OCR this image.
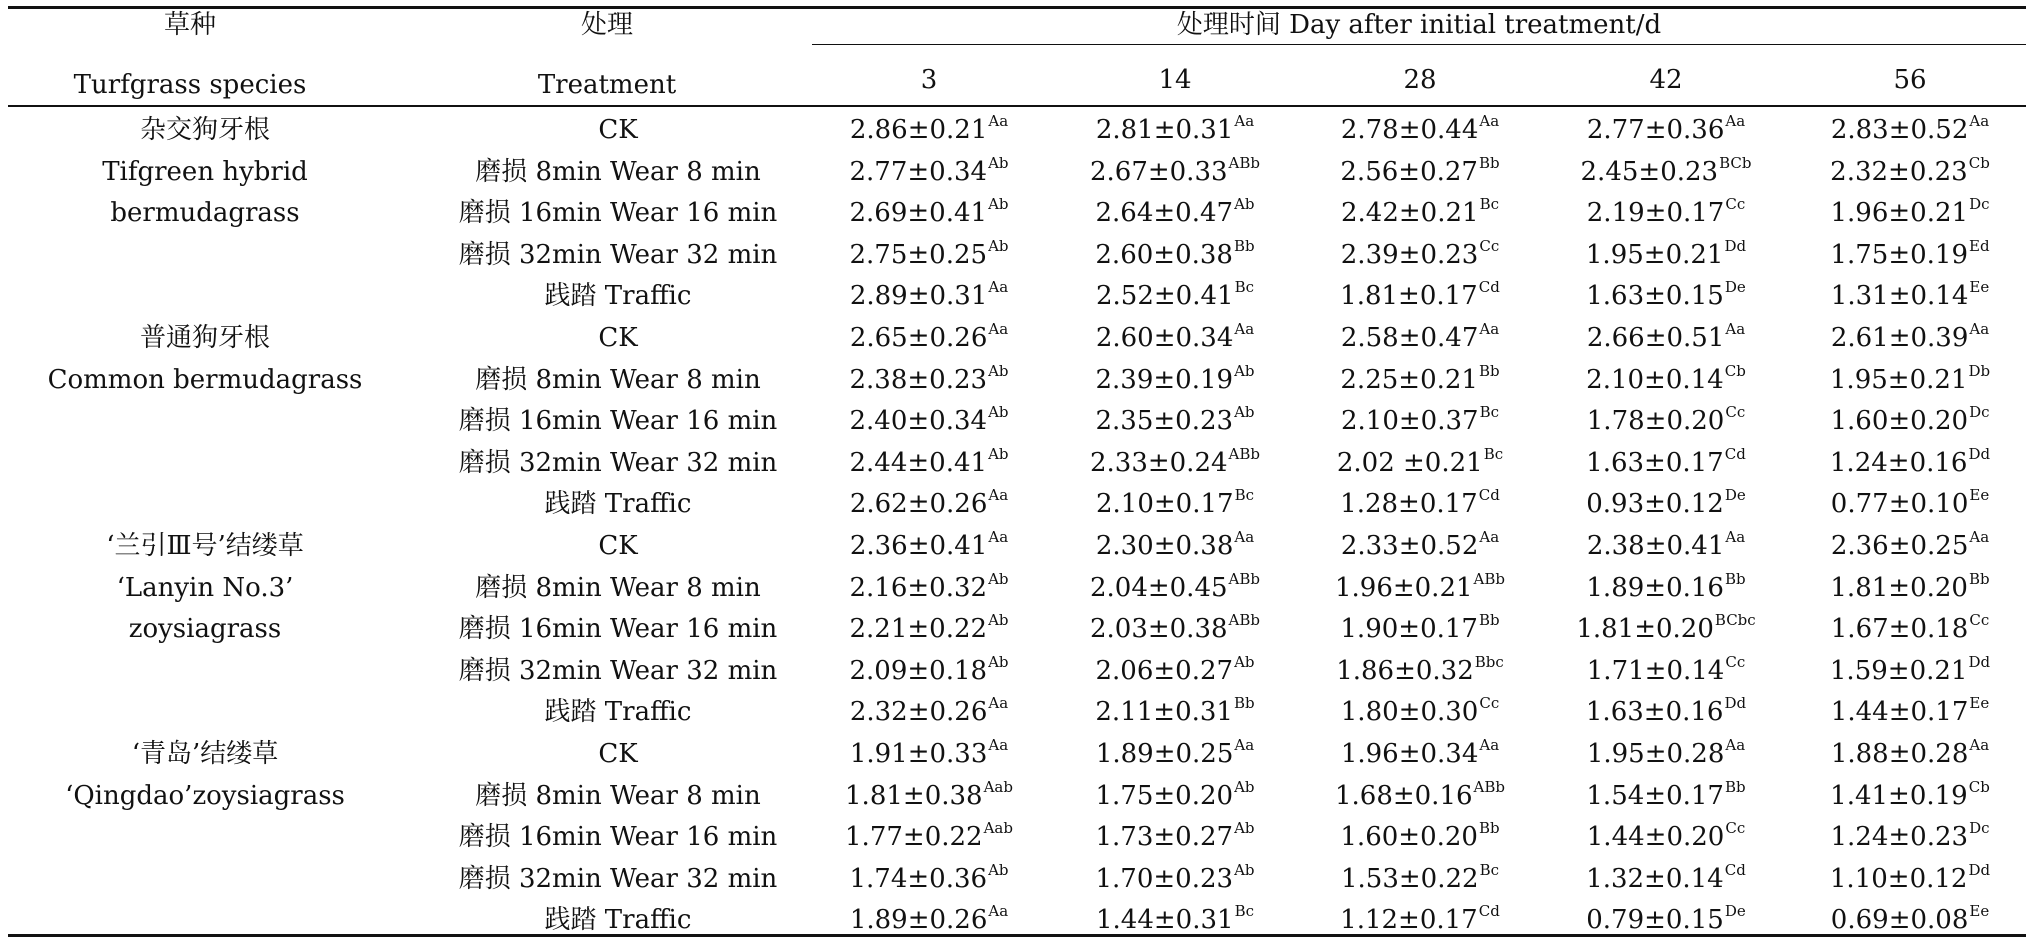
草种
Turfgrass species
处理
Treatment
处理时间 Day after initial treatment/d
3	14	28	42	56
杂交狗牙根
Tifgreen hybrid
bermudagrass
CK	$2.86\pm 0.21^{Aa}$	$2.81\pm 0.31^{Aa}$	$2.78\pm 0.44^{Aa}$	$2.77\pm 0.36^{Aa}$	$2.83\pm 0.52^{Aa}$
磨损 8min Wear 8 min	$2.77\pm 0.34^{Ab}$	$2.67\pm 0.33^{ABb}$	$2.56\pm 0.27^{Bb}$	$2.45\pm 0.23^{BCb}$	$2.32\pm 0.23^{Cb}$
磨损 16min Wear 16 min	$2.69\pm 0.41^{Ab}$	$2.64\pm 0.47^{Ab}$	$2.42\pm 0.21^{Bc}$	$2.19\pm 0.17^{Cc}$	$1.96\pm 0.21^{Dc}$
磨损 32min Wear 32 min	$2.75\pm 0.25^{Ab}$	$2.60\pm 0.38^{Bb}$	$2.39\pm 0.23^{Cc}$	$1.95\pm 0.21^{Dd}$	$1.75\pm 0.19^{Ed}$
践踏 Traffic	$2.89\pm 0.31^{Aa}$	$2.52\pm 0.41^{Bc}$	$1.81\pm 0.17^{Cd}$	1.63±0.15De	$1.31\pm 0.14^{Ee}$
普通狗牙根
Common bermudagrass
CK	$2.65\pm 0.26^{Aa}$	$2.60\pm 0.34^{Aa}$	$2.58\pm 0.47^{Aa}$	$2.66\pm 0.51^{Aa}$	$2.61\pm 0.39^{Aa}$
磨损 8min Wear 8 min	$2.38\pm 0.23^{Ab}$	$2.39\pm 0.19^{Ab}$	$2.25\pm 0.21^{Bb}$	$2.10\pm 0.14^{Cb}$	$1.95\pm 0.21^{Db}$
磨损 16min Wear 16 min	$2.40\pm 0.34^{Ab}$	$2.35\pm 0.23^{Ab}$	$2.10\pm 0.37^{Bc}$	$1.78\pm 0.20^{Cc}$	$1.60\pm 0.20^{Dc}$
磨损 32min Wear 32 min	$2.44\pm 0.41^{Ab}$	$2.33\pm 0.24^{ABb}$	$2.02 \pm 0.21^{Bc}$	$1.63\pm 0.17^{Cd}$	$1.24\pm 0.16^{Dd}$
践踏 Traffic	$2.62\pm 0.26^{Aa}$	$2.10\pm 0.17^{Bc}$	$1.28\pm 0.17^{Cd}$	0.93±0.12De	$0.77\pm 0.10^{Ee}$
‘兰引Ⅲ号’结缕草
‘Lanyin No.3’
zoysiagrass
CK	$2.36\pm 0.41^{Aa}$	$2.30\pm 0.38^{Aa}$	$2.33\pm 0.52^{Aa}$	$2.38\pm 0.41^{Aa}$	$2.36\pm 0.25^{Aa}$
磨损 8min Wear 8 min	$2.16\pm 0.32^{Ab}$	$2.04\pm 0.45^{ABb}$	$1.96\pm 0.21^{ABb}$	$1.89\pm 0.16^{Bb}$	$1.81\pm 0.20^{Bb}$
磨损 16min Wear 16 min	$2.21\pm 0.22^{Ab}$	$2.03\pm 0.38^{ABb}$	$1.90\pm 0.17^{Bb}$	$1.81\pm 0.20^{BCbc}$	$1.67\pm 0.18^{Cc}$
磨损 32min Wear 32 min	$2.09\pm 0.18^{Ab}$	$2.06\pm 0.27^{Ab}$	$1.86\pm 0.32^{Bbc}$	$1.71\pm 0.14^{Cc}$	$1.59\pm 0.21^{Dd}$
践踏 Traffic	$2.32\pm 0.26^{Aa}$	$2.11\pm 0.31^{Bb}$	$1.80\pm 0.30^{Cc}$	$1.63\pm 0.16^{Dd}$	$1.44\pm 0.17^{Ee}$
‘青岛’结缕草
‘Qingdao’zoysiagrass
CK	$1.91\pm 0.33^{Aa}$	$1.89\pm 0.25^{Aa}$	$1.96\pm 0.34^{Aa}$	$1.95\pm 0.28^{Aa}$	$1.88\pm 0.28^{Aa}$
磨损 8min Wear 8 min	$1.81\pm 0.38^{Aab}$	$1.75\pm 0.20^{Ab}$	$1.68\pm 0.16^{ABb}$	$1.54\pm 0.17^{Bb}$	$1.41\pm 0.19^{Cb}$
磨损 16min Wear 16 min	$1.77\pm 0.22^{Aab}$	$1.73\pm 0.27^{Ab}$	$1.60\pm 0.20^{Bb}$	$1.44\pm 0.20^{Cc}$	$1.24\pm 0.23^{Dc}$
磨损 32min Wear 32 min	$1.74\pm 0.36^{Ab}$	$1.70\pm 0.23^{Ab}$	$1.53\pm 0.22^{Bc}$	$1.32\pm 0.14^{Cd}$	$1.10\pm 0.12^{Dd}$
践踏 Traffic	$1.89\pm 0.26^{Aa}$	$1.44\pm 0.31^{Bc}$	$1.12\pm 0.17^{Cd}$	0.79±0.15De	$0.69\pm 0.08^{Ee}$
